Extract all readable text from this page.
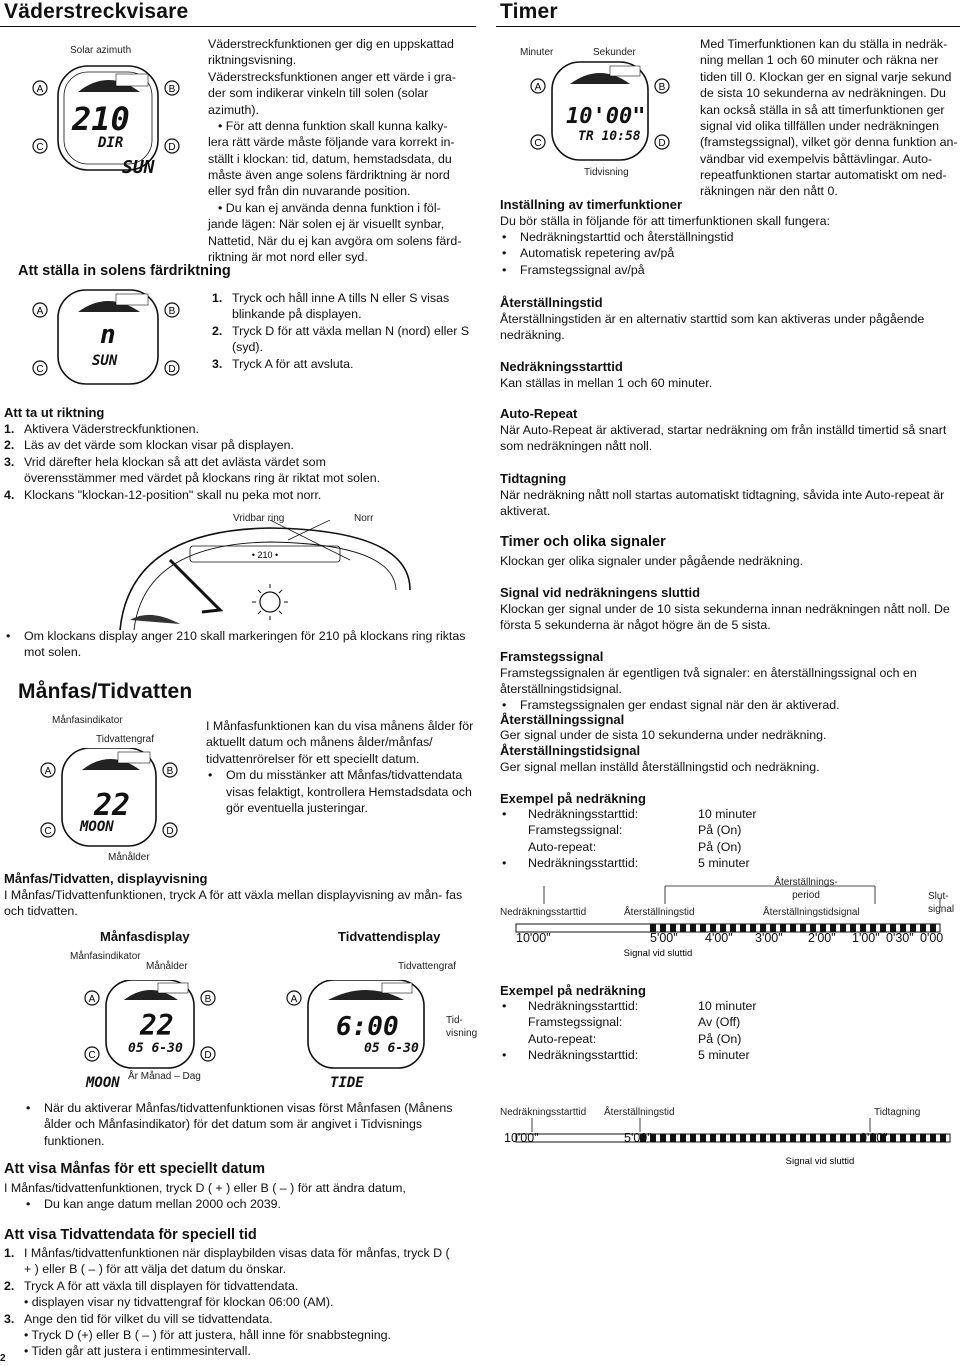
Väderstreckvisare
Solar azimuth
A	B
C	D
210
DIR
SUN

Väderstreckfunktionen ger dig en uppskattad

riktningsvisning.

Väderstrecksfunktionen anger ett värde i gra-

der som indikerar vinkeln till solen (solar

azimuth).

• För att denna funktion skall kunna kalky-

lera rätt värde måste följande vara korrekt in-

ställt i klockan: tid, datum, hemstadsdata, du

måste även ange solens färdriktning är nord

eller syd från din nuvarande position.

• Du kan ej använda denna funktion i föl-

jande lägen: När solen ej är visuellt synbar,

Nattetid, När du ej kan avgöra om solens färd-

riktning är mot nord eller syd.

Att ställa in solens färdriktning
A	B
C	D
n
SUN
1. Tryck och håll inne A tills N eller S visas blinkande på displayen.
2. Tryck D för att växla mellan N (nord) eller S (syd).
3. Tryck A för att avsluta.
Att ta ut riktning
1. Aktivera Väderstreckfunktionen.
2. Läs av det värde som klockan visar på displayen.
3. Vrid därefter hela klockan så att det avlästa värdet som överensstämmer med värdet på klockans ring är riktat mot solen.
4. Klockans "klockan-12-position" skall nu peka mot norr.
Vridbar ring	Norr
• 210 •
• Om klockans display anger 210 skall markeringen för 210 på klockans ring riktas mot solen.
Månfas/Tidvatten
Månfasindikator
Tidvattengraf
A	B
C	D
22
MOON
Månålder

I Månfasfunktionen kan du visa månens ålder för aktuellt datum och månens ålder/månfas/ tidvattenrörelser för ett speciellt datum.

• Om du misstänker att Månfas/tidvattendata visas felaktigt, kontrollera Hemstadsdata och gör eventuella justeringar.
Månfas/Tidvatten, displayvisning

I Månfas/Tidvattenfunktionen, tryck A för att växla mellan displayvisning av mån- fas och tidvatten.

Månfasdisplay	Tidvattendisplay
Månfasindikator
Månålder	Tidvattengraf
A	B
C	D
22
05 6-30
MOON År Månad – Dag
A
6:00
05 6-30
TIDE
Tid-visning
• När du aktiverar Månfas/tidvattenfunktionen visas först Månfasen (Månens ålder och Månfasindikator) för det datum som är angivet i Tidvisnings funktionen.
Att visa Månfas för ett speciellt datum

I Månfas/tidvattenfunktionen, tryck D ( + ) eller B ( – ) för att ändra datum,

• Du kan ange datum mellan 2000 och 2039.
Att visa Tidvattendata för speciell tid
1. I Månfas/tidvattenfunktionen när displaybilden visas data för månfas, tryck D ( + ) eller B ( – ) för att välja det datum du önskar.
2. Tryck A för att växla till displayen för tidvattendata.
• displayen visar ny tidvattengraf för klockan 06:00 (AM).
3. Ange den tid för vilket du vill se tidvattendata.
• Tryck D (+) eller B ( – ) för att justera, håll inne för snabbstegning.
• Tiden går att justera i entimmesintervall.
2
Timer
Minuter	Sekunder
A	B
C	D
10'00"
TR 10:58
Tidvisning

Med Timerfunktionen kan du ställa in nedräk- ning mellan 1 och 60 minuter och räkna ner tiden till 0. Klockan ger en signal varje sekund de sista 10 sekunderna av nedräkningen. Du kan också ställa in så att timerfunktionen ger signal vid olika tillfällen under nedräkningen (framstegssignal), vilket gör denna funktion an- vändbar vid exempelvis båttävlingar. Auto- repeatfunktionen startar automatiskt om ned- räkningen när den nått 0.

Inställning av timerfunktioner

Du bör ställa in följande för att timerfunktionen skall fungera:

• Nedräkningstarttid och återställningstid
• Automatisk repetering av/på
• Framstegssignal av/på
Återställningstid

Återställningstiden är en alternativ starttid som kan aktiveras under pågående nedräkning.

Nedräkningsstarttid

Kan ställas in mellan 1 och 60 minuter.

Auto-Repeat

När Auto-Repeat är aktiverad, startar nedräkning om från inställd timertid så snart som nedräkningen nått noll.

Tidtagning

När nedräkning nått noll startas automatiskt tidtagning, såvida inte Auto-repeat är aktiverat.

Timer och olika signaler

Klockan ger olika signaler under pågående nedräkning.

Signal vid nedräkningens sluttid

Klockan ger signal under de 10 sista sekunderna innan nedräkningen nått noll. De första 5 sekunderna är något högre än de 5 sista.

Framstegssignal

Framstegssignalen är egentligen två signaler: en återställningssignal och en återställningstidsignal.

• Framstegssignalen ger endast signal när den är aktiverad.
Återställningssignal

Ger signal under de sista 10 sekunderna under nedräkning.

Återställningstidsignal

Ger signal mellan inställd återställningstid och nedräkning.

Exempel på nedräkning
• Nedräkningsstarttid:	10 minuter
Framstegssignal:	På (On)
Auto-repeat:	På (On)
• Nedräkningsstarttid:	5 minuter
Återställnings- period	Slut- signal
Nedräkningsstarttid	Återställningstid	Återställningstidsignal
Signal vid sluttid
10'00"	5'00" 4'00" 3'00" 2'00" 1'00" 0'30" 0'00
Exempel på nedräkning
• Nedräkningsstarttid:	10 minuter
Framstegssignal:	Av (Off)
Auto-repeat:	På (On)
• Nedräkningsstarttid:	5 minuter
Nedräkningsstarttid Återställningstid	Tidtagning
Signal vid sluttid
10'00"	5'00"	0'00"
